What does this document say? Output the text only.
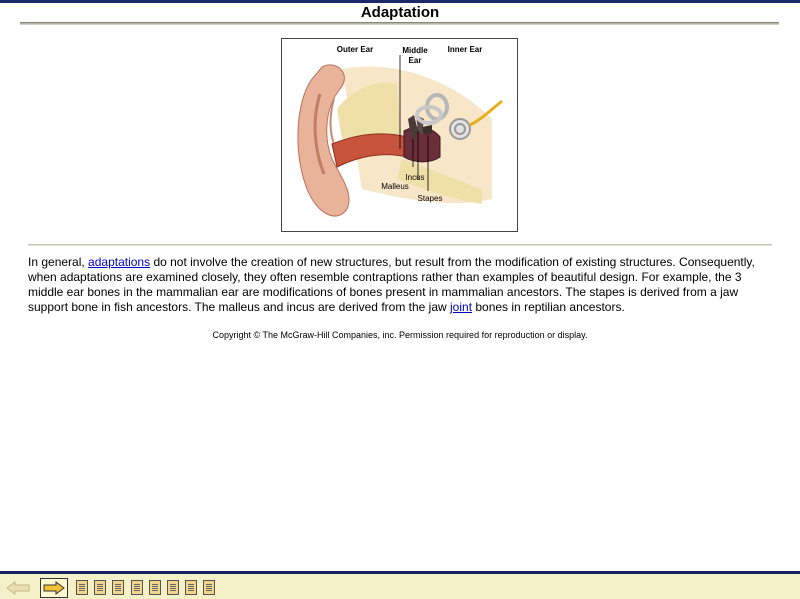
Adaptation
Outer Ear	Middle
Ear
Inner Ear
Incus
Malleus
Stapes

In general, adaptations do not involve the creation of new structures, but result from the modification of existing structures. Consequently, when adaptations are examined closely, they often resemble contraptions rather than examples of beautiful design. For example, the 3 middle ear bones in the mammalian ear are modifications of bones present in mammalian ancestors. The stapes is derived from a jaw support bone in fish ancestors. The malleus and incus are derived from the jaw joint bones in reptilian ancestors.

Copyright © The McGraw-Hill Companies, inc. Permission required for reproduction or display.
